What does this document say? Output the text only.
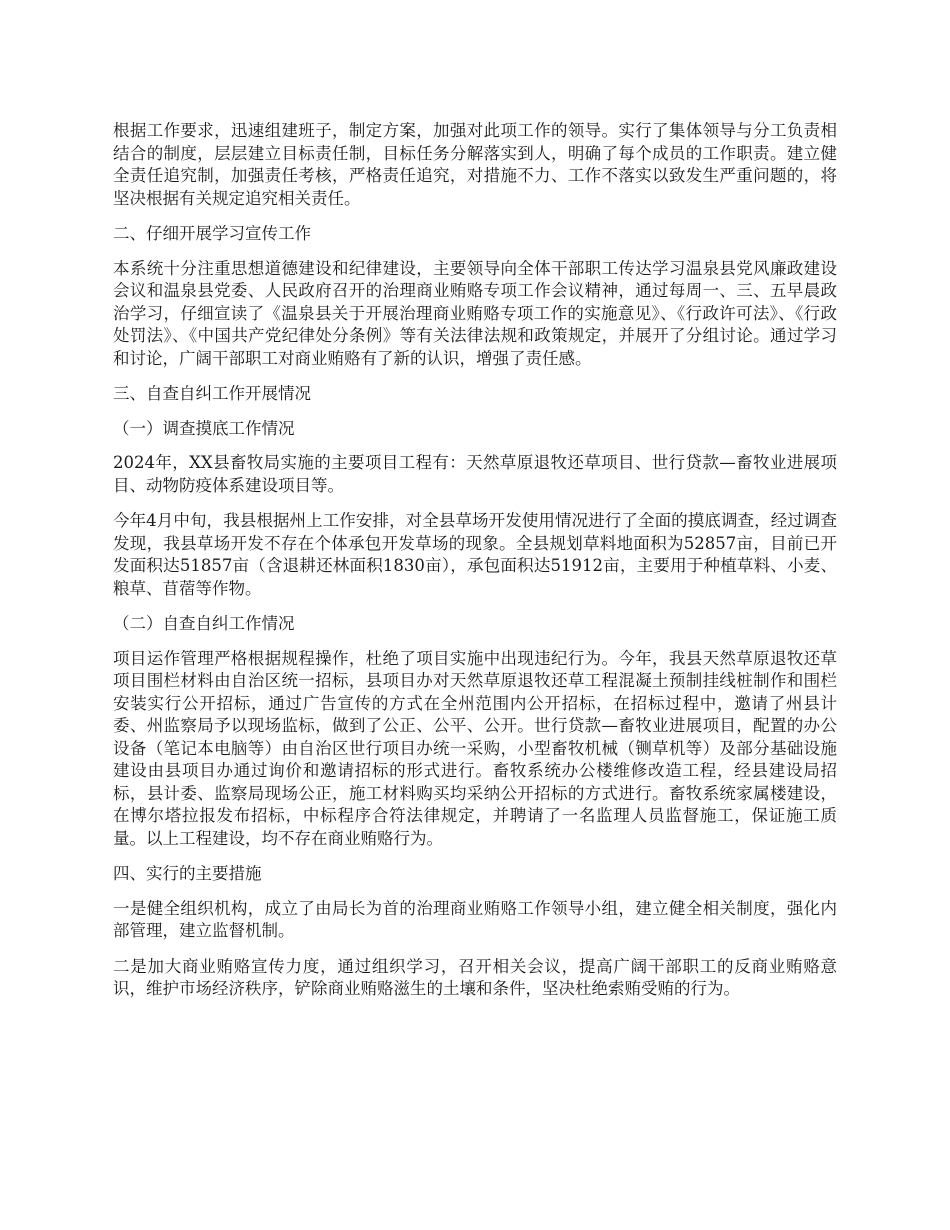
根据工作要求，迅速组建班子，制定方案，加强对此项工作的领导。实行了集体领导与分工负责相结合的制度，层层建立目标责任制，目标任务分解落实到人，明确了每个成员的工作职责。建立健全责任追究制，加强责任考核，严格责任追究，对措施不力、工作不落实以致发生严重问题的，将坚决根据有关规定追究相关责任。

二、仔细开展学习宣传工作

本系统十分注重思想道德建设和纪律建设，主要领导向全体干部职工传达学习温泉县党风廉政建设会议和温泉县党委、人民政府召开的治理商业贿赂专项工作会议精神，通过每周一、三、五早晨政治学习，仔细宣读了《温泉县关于开展治理商业贿赂专项工作的实施意见》、《行政许可法》、《行政处罚法》、《中国共产党纪律处分条例》等有关法律法规和政策规定，并展开了分组讨论。通过学习和讨论，广阔干部职工对商业贿赂有了新的认识，增强了责任感。

三、自查自纠工作开展情况

（一）调查摸底工作情况

2024年，XX县畜牧局实施的主要项目工程有：天然草原退牧还草项目、世行贷款—畜牧业进展项目、动物防疫体系建设项目等。

今年4月中旬，我县根据州上工作安排，对全县草场开发使用情况进行了全面的摸底调查，经过调查发现，我县草场开发不存在个体承包开发草场的现象。全县规划草料地面积为52857亩，目前已开发面积达51857亩（含退耕还林面积1830亩），承包面积达51912亩，主要用于种植草料、小麦、粮草、苜蓿等作物。

（二）自查自纠工作情况

项目运作管理严格根据规程操作，杜绝了项目实施中出现违纪行为。今年，我县天然草原退牧还草项目围栏材料由自治区统一招标，县项目办对天然草原退牧还草工程混凝土预制挂线桩制作和围栏安装实行公开招标，通过广告宣传的方式在全州范围内公开招标，在招标过程中，邀请了州县计委、州监察局予以现场监标，做到了公正、公平、公开。世行贷款—畜牧业进展项目，配置的办公设备（笔记本电脑等）由自治区世行项目办统一采购，小型畜牧机械（铡草机等）及部分基础设施建设由县项目办通过询价和邀请招标的形式进行。畜牧系统办公楼维修改造工程，经县建设局招标，县计委、监察局现场公正，施工材料购买均采纳公开招标的方式进行。畜牧系统家属楼建设，在博尔塔拉报发布招标，中标程序合符法律规定，并聘请了一名监理人员监督施工，保证施工质量。以上工程建设，均不存在商业贿赂行为。

四、实行的主要措施

一是健全组织机构，成立了由局长为首的治理商业贿赂工作领导小组，建立健全相关制度，强化内部管理，建立监督机制。

二是加大商业贿赂宣传力度，通过组织学习，召开相关会议，提高广阔干部职工的反商业贿赂意识，维护市场经济秩序，铲除商业贿赂滋生的土壤和条件，坚决杜绝索贿受贿的行为。
